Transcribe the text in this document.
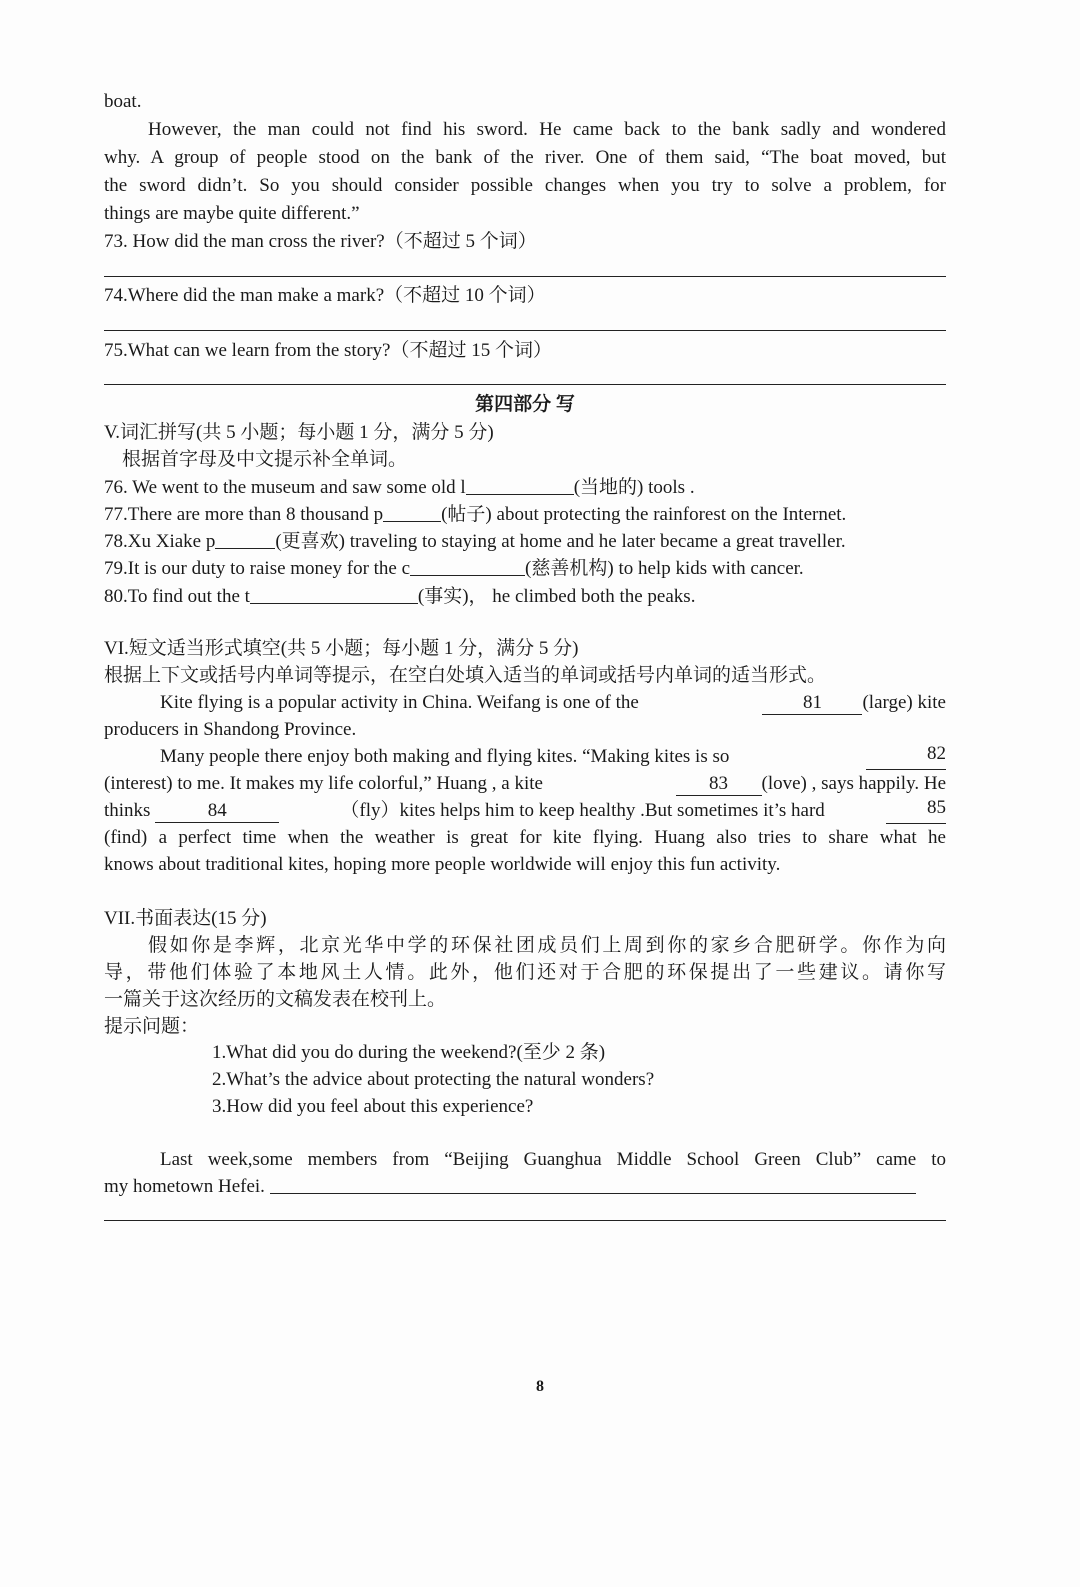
boat.
However, the man could not find his sword. He came back to the bank sadly and wondered
why. A group of people stood on the bank of the river. One of them said, “The boat moved, but
the sword didn’t. So you should consider possible changes when you try to solve a problem, for
things are maybe quite different.”
73. How did the man cross the river?（不超过 5 个词）
74.Where did the man make a mark?（不超过 10 个词）
75.What can we learn from the story?（不超过 15 个词）
第四部分 写
V.词汇拼写(共 5 小题；每小题 1 分，满分 5 分)
根据首字母及中文提示补全单词。
76. We went to the museum and saw some old l	(当地的) tools .
77.There are more than 8 thousand p	(帖子) about protecting the rainforest on the Internet.
78.Xu Xiake p	(更喜欢) traveling to staying at home and he later became a great traveller.
79.It is our duty to raise money for the c	(慈善机构) to help kids with cancer.
80.To find out the t	(事实)， he climbed both the peaks.
VI.短文适当形式填空(共 5 小题；每小题 1 分，满分 5 分)
根据上下文或括号内单词等提示，在空白处填入适当的单词或括号内单词的适当形式。
Kite flying is a popular activity in China. Weifang is one of the	81 (large) kite
producers in Shandong Province.
Many people there enjoy both making and flying kites. “Making kites is so	82
(interest) to me. It makes my life colorful,” Huang , a kite	83 (love) , says happily. He
thinks	84	（fly）kites helps him to keep healthy .But sometimes it’s hard	85
(find) a perfect time when the weather is great for kite flying. Huang also tries to share what he
knows about traditional kites, hoping more people worldwide will enjoy this fun activity.
VII.书面表达(15 分)
假如你是李辉，北京光华中学的环保社团成员们上周到你的家乡合肥研学。你作为向
导，带他们体验了本地风土人情。此外，他们还对于合肥的环保提出了一些建议。请你写
一篇关于这次经历的文稿发表在校刊上。
提示问题：
1.What did you do during the weekend?(至少 2 条)
2.What’s the advice about protecting the natural wonders?
3.How did you feel about this experience?
Last week,some members from “Beijing Guanghua Middle School Green Club” came to
my hometown Hefei.
8
